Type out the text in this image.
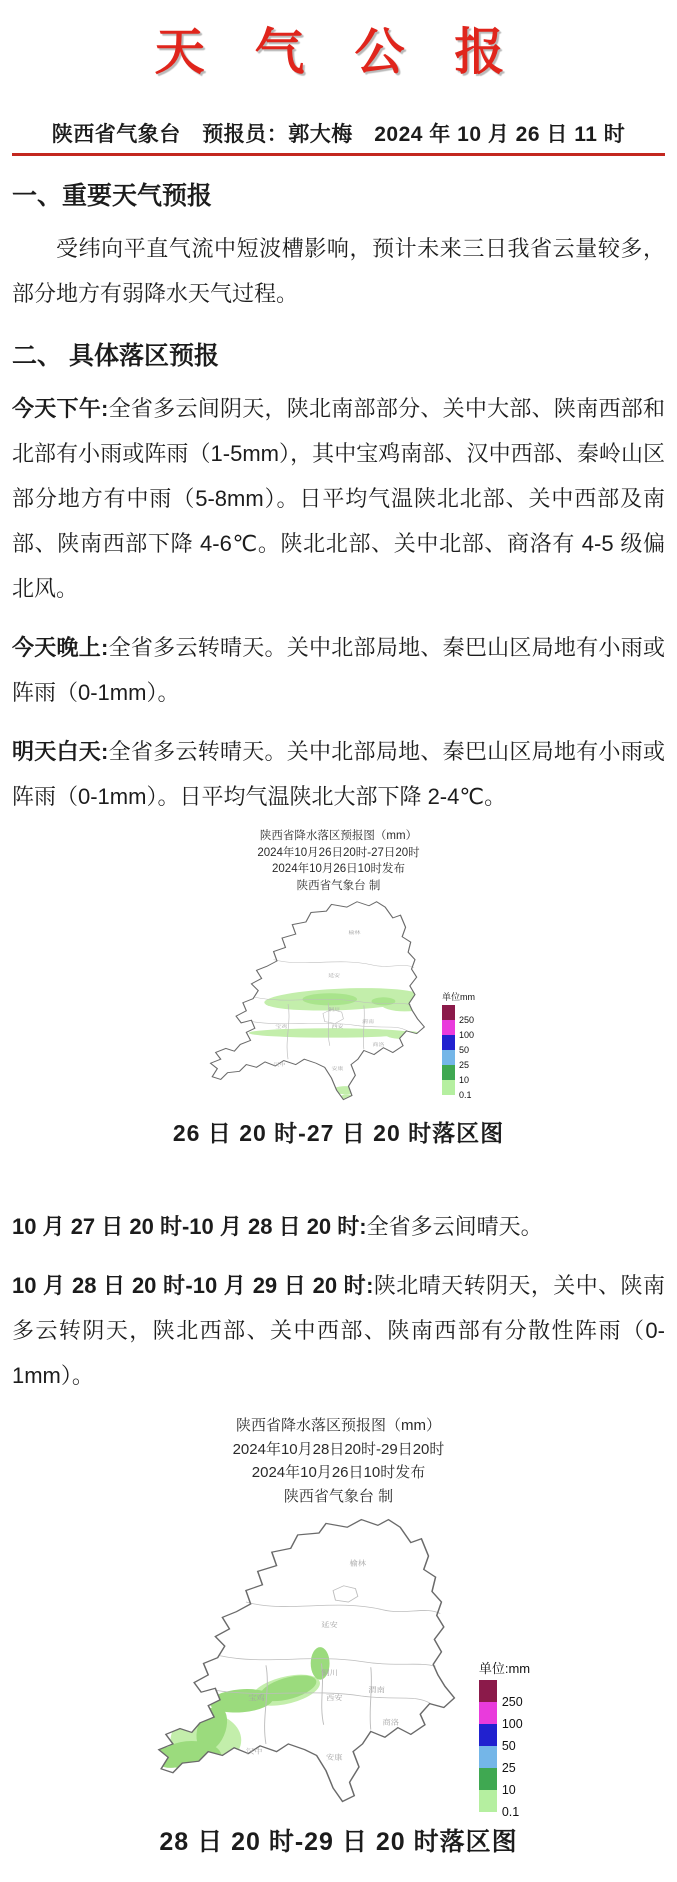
天 气 公 报
陕西省气象台　预报员：郭大梅　2024 年 10 月 26 日 11 时
一、重要天气预报

受纬向平直气流中短波槽影响，预计未来三日我省云量较多，部分地方有弱降水天气过程。

二、 具体落区预报

今天下午:全省多云间阴天，陕北南部部分、关中大部、陕南西部和北部有小雨或阵雨（1-5mm），其中宝鸡南部、汉中西部、秦岭山区部分地方有中雨（5-8mm）。日平均气温陕北北部、关中西部及南部、陕南西部下降 4-6℃。陕北北部、关中北部、商洛有 4-5 级偏北风。

今天晚上:全省多云转晴天。关中北部局地、秦巴山区局地有小雨或阵雨（0-1mm）。

明天白天:全省多云转晴天。关中北部局地、秦巴山区局地有小雨或阵雨（0-1mm）。日平均气温陕北大部下降 2-4℃。

陕西省降水落区预报图（mm）
2024年10月26日20时-27日20时
2024年10月26日10时发布
陕西省气象台 制
榆林
延安
铜川
渭南
西安
宝鸡
商洛
汉中
安康
单位mm
250
100
50
25
10
0.1
26 日 20 时-27 日 20 时落区图

10 月 27 日 20 时-10 月 28 日 20 时:全省多云间晴天。

10 月 28 日 20 时-10 月 29 日 20 时:陕北晴天转阴天，关中、陕南多云转阴天，陕北西部、关中西部、陕南西部有分散性阵雨（0-1mm）。

陕西省降水落区预报图（mm）
2024年10月28日20时-29日20时
2024年10月26日10时发布
陕西省气象台 制
榆林
延安
铜川
渭南
西安
宝鸡
商洛
汉中
安康
单位:mm
250
100
50
25
10
0.1
28 日 20 时-29 日 20 时落区图
